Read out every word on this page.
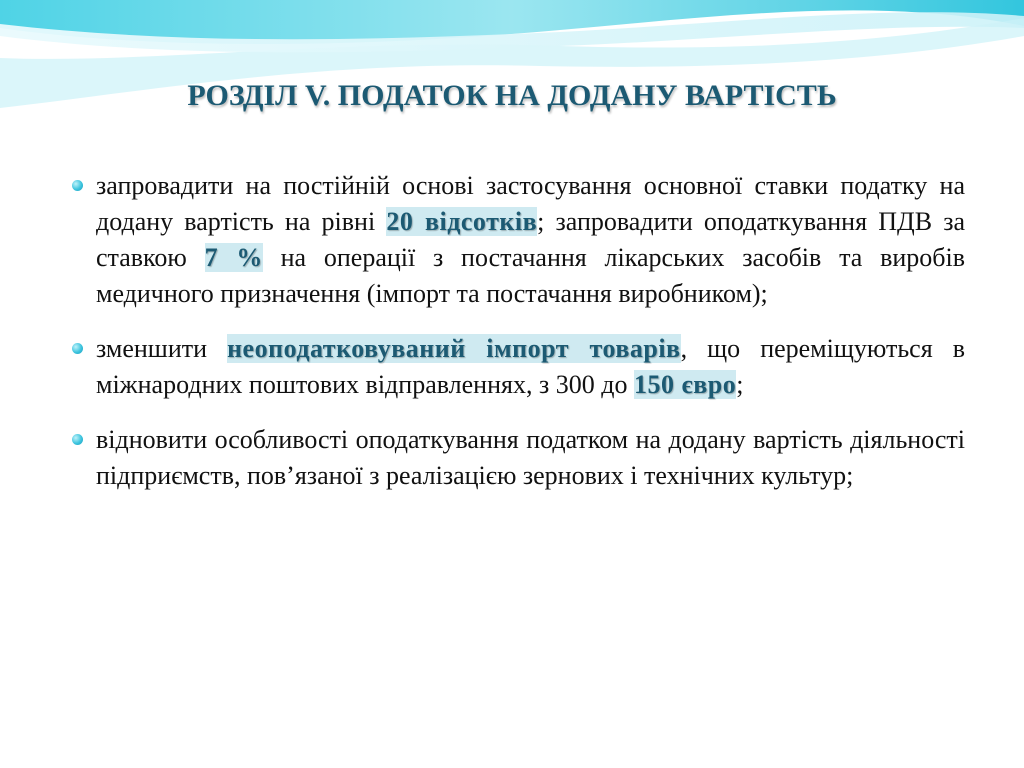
РОЗДІЛ V. ПОДАТОК НА ДОДАНУ ВАРТІСТЬ
запровадити на постійній основі застосування основної ставки податку на додану вартість на рівні 20 відсотків; запровадити оподаткування ПДВ за ставкою 7 % на операції з постачання лікарських засобів та виробів медичного призначення (імпорт та постачання виробником);
зменшити неоподатковуваний імпорт товарів, що переміщуються в міжнародних поштових відправленнях, з 300 до 150 євро;
відновити особливості оподаткування податком на додану вартість діяльності підприємств, пов’язаної з реалізацією зернових і технічних культур;
